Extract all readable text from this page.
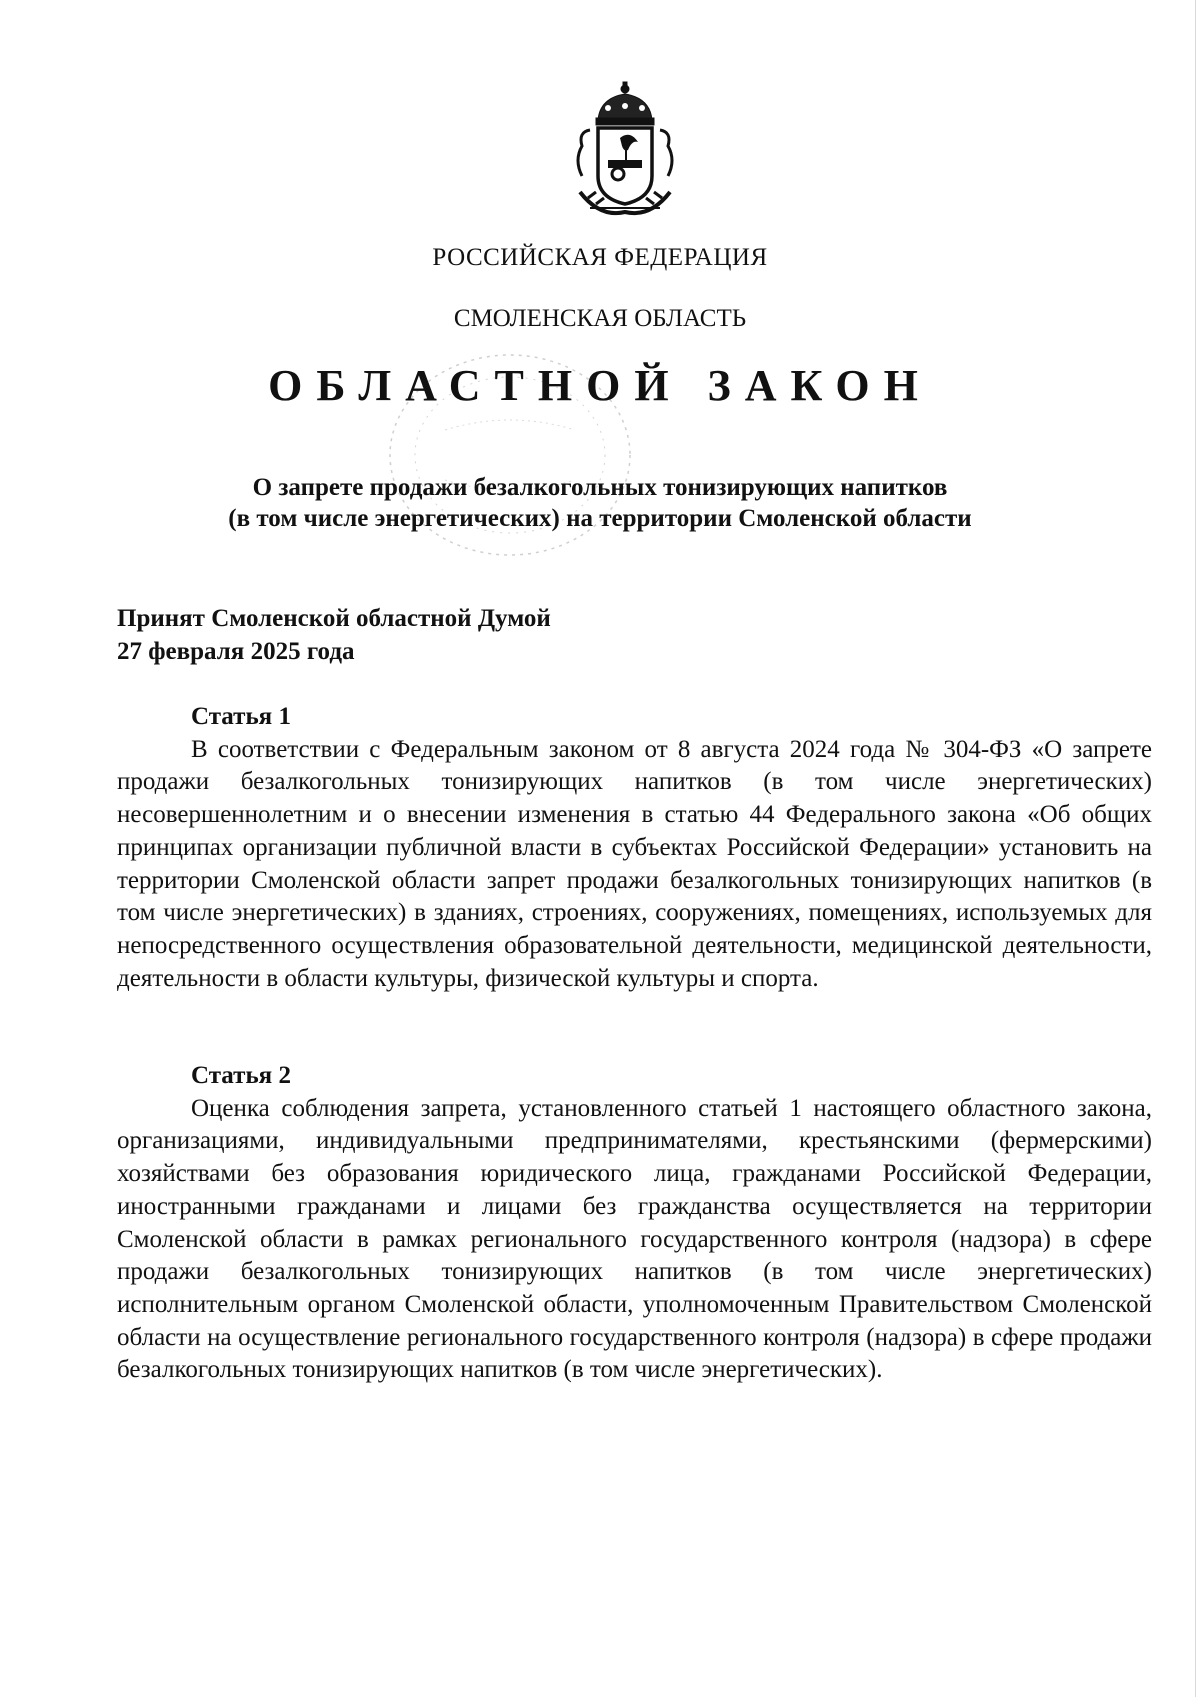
РОССИЙСКАЯ ФЕДЕРАЦИЯ
СМОЛЕНСКАЯ ОБЛАСТЬ
ОБЛАСТНОЙ ЗАКОН
О запрете продажи безалкогольных тонизирующих напитков
(в том числе энергетических) на территории Смоленской области
Принят Смоленской областной Думой
27 февраля 2025 года
Статья 1
В соответствии с Федеральным законом от 8 августа 2024 года № 304-ФЗ «О запрете продажи безалкогольных тонизирующих напитков (в том числе энергетических) несовершеннолетним и о внесении изменения в статью 44 Федерального закона «Об общих принципах организации публичной власти в субъектах Российской Федерации» установить на территории Смоленской области запрет продажи безалкогольных тонизирующих напитков (в том числе энергетических) в зданиях, строениях, сооружениях, помещениях, используемых для непосредственного осуществления образовательной деятельности, медицинской деятельности, деятельности в области культуры, физической культуры и спорта.
Статья 2
Оценка соблюдения запрета, установленного статьей 1 настоящего областного закона, организациями, индивидуальными предпринимателями, крестьянскими (фермерскими) хозяйствами без образования юридического лица, гражданами Российской Федерации, иностранными гражданами и лицами без гражданства осуществляется на территории Смоленской области в рамках регионального государственного контроля (надзора) в сфере продажи безалкогольных тонизирующих напитков (в том числе энергетических) исполнительным органом Смоленской области, уполномоченным Правительством Смоленской области на осуществление регионального государственного контроля (надзора) в сфере продажи безалкогольных тонизирующих напитков (в том числе энергетических).
